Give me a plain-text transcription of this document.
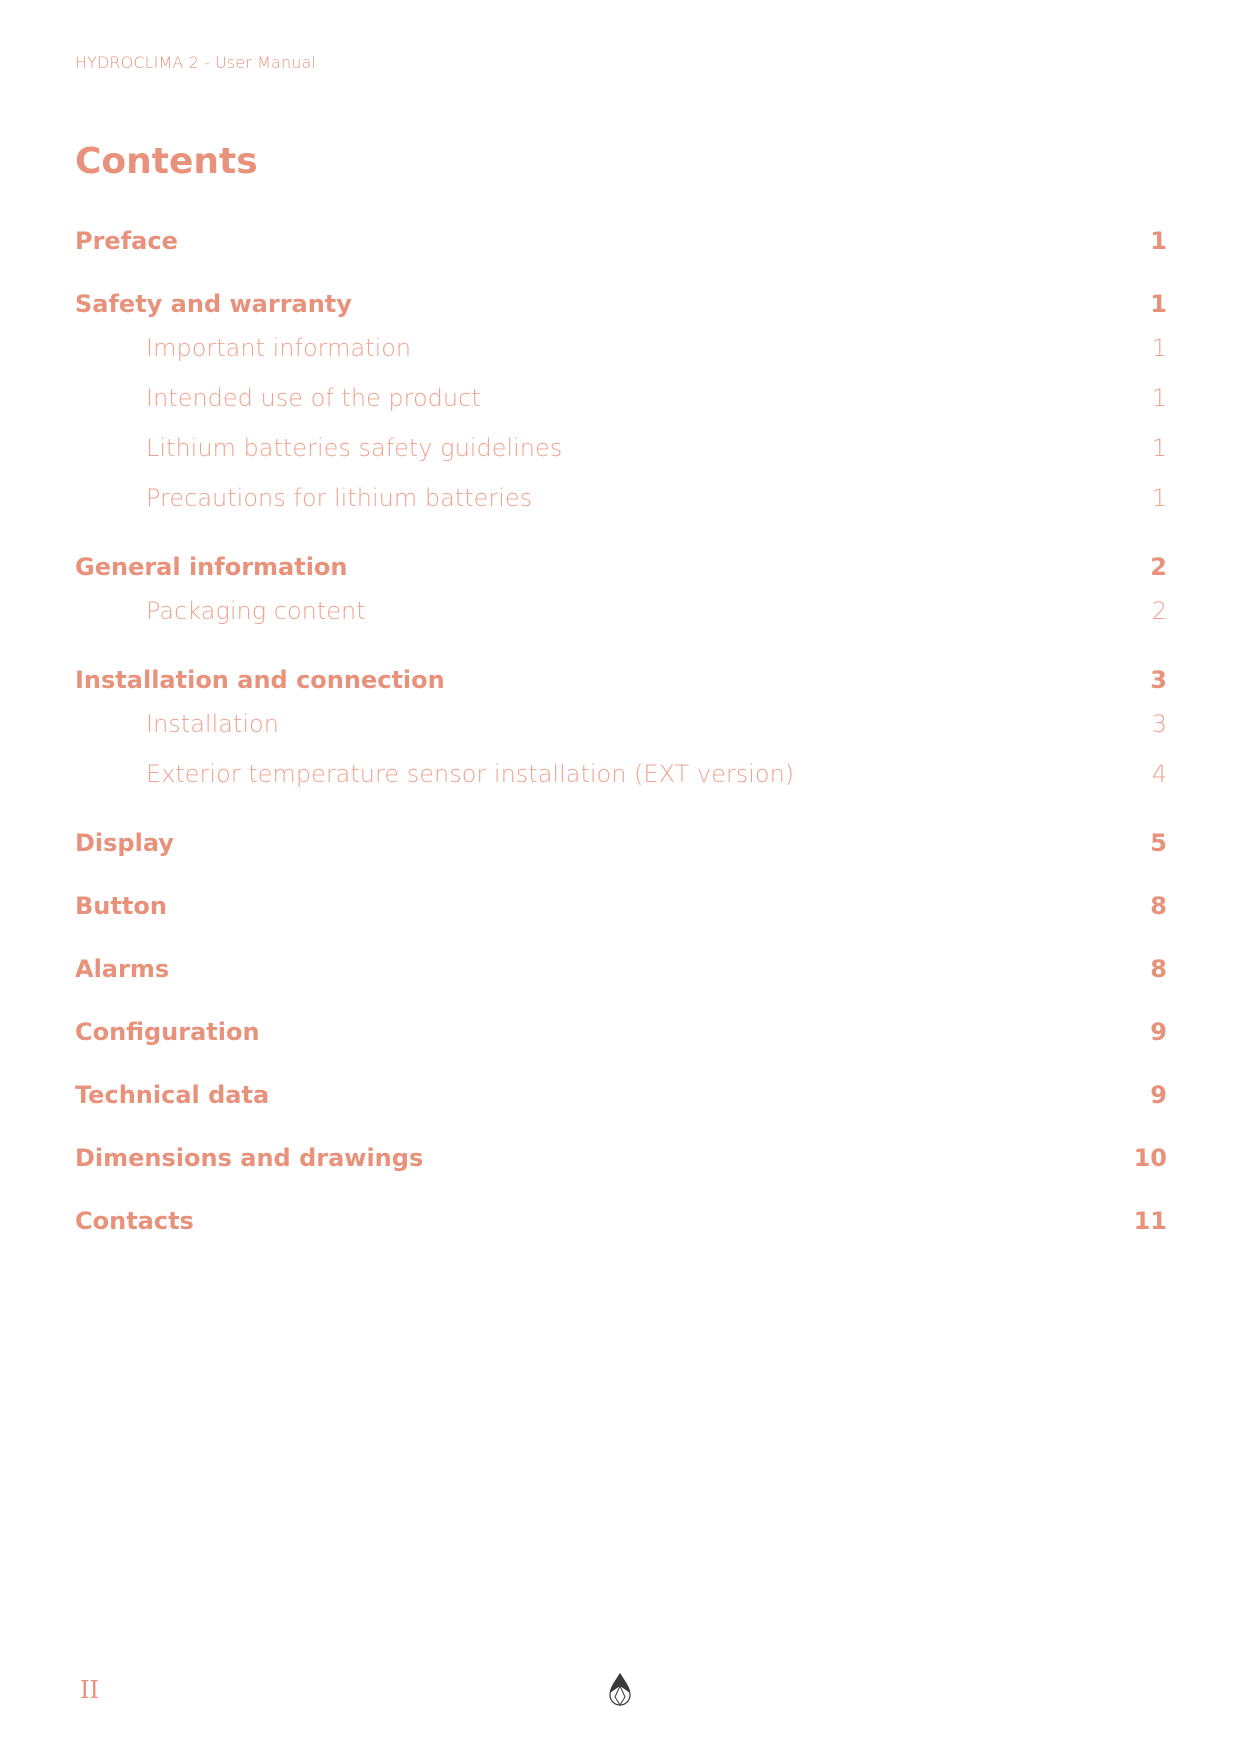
HYDROCLIMA 2 - User Manual
Contents
Preface	1
Safety and warranty	1
Important information	1
Intended use of the product	1
Lithium batteries safety guidelines	1
Precautions for lithium batteries	1
General information	2
Packaging content	2
Installation and connection	3
Installation	3
Exterior temperature sensor installation (EXT version)	4
Display	5
Button	8
Alarms	8
Configuration	9
Technical data	9
Dimensions and drawings	10
Contacts	11
II
